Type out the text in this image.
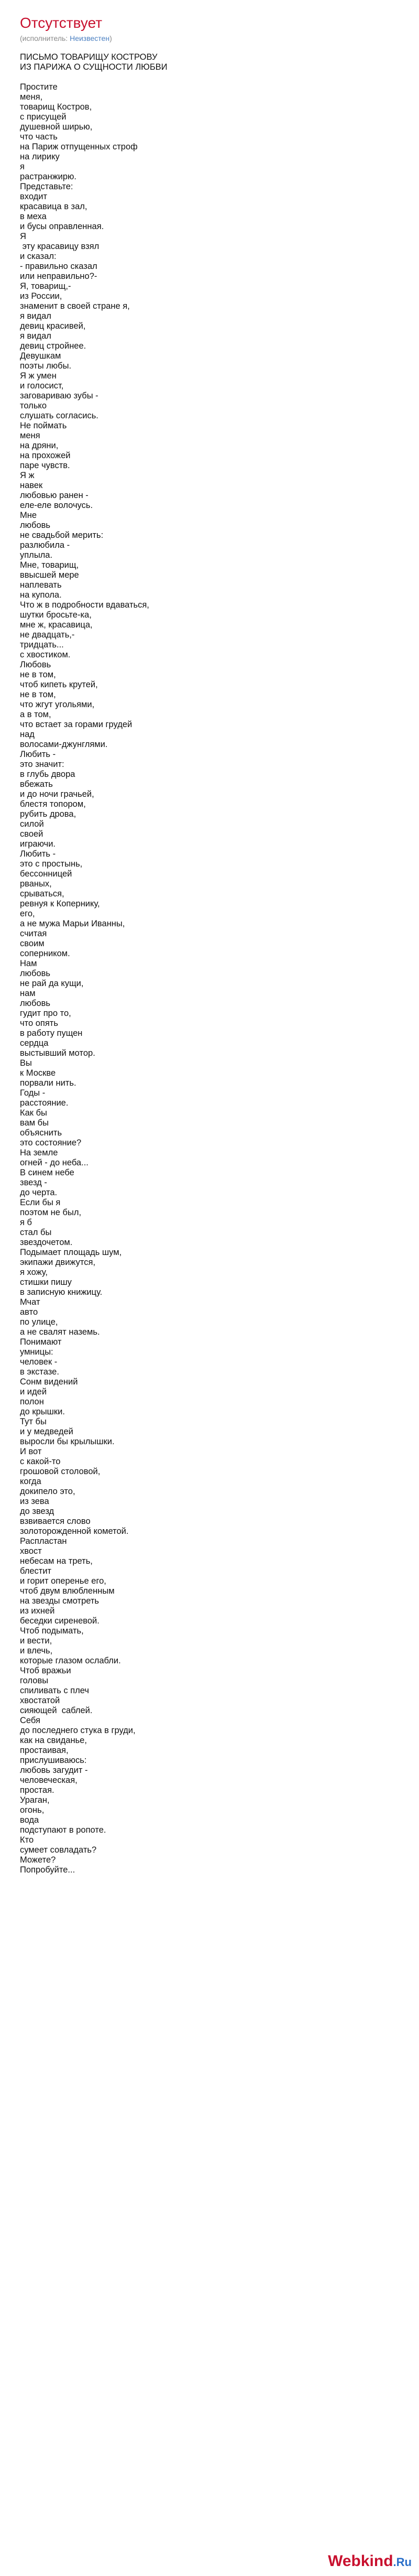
Отсутствует
(исполнитель: Неизвестен)
ПИСЬМО ТОВАРИЩУ КОСТРОВУ
ИЗ ПАРИЖА О СУЩНОСТИ ЛЮБВИ
Простите
меня,
товарищ Костров,
с присущей
душевной ширью,
что часть
на Париж отпущенных строф
на лирику
я
растранжирю.
Представьте:
входит
красавица в зал,
в меха
и бусы оправленная.
Я
эту красавицу взял
и сказал:
- правильно сказал
или неправильно?-
Я, товарищ,-
из России,
знаменит в своей стране я,
я видал
девиц красивей,
я видал
девиц стройнее.
Девушкам
поэты любы.
Я ж умен
и голосист,
заговариваю зубы -
только
слушать согласись.
Не поймать
меня
на дряни,
на прохожей
паре чувств.
Я ж
навек
любовью ранен -
еле-еле волочусь.
Мне
любовь
не свадьбой мерить:
разлюбила -
уплыла.
Мне, товарищ,
ввысшей мере
наплевать
на купола.
Что ж в подробности вдаваться,
шутки бросьте-ка,
мне ж, красавица,
не двадцать,-
тридцать...
с хвостиком.
Любовь
не в том,
чтоб кипеть крутей,
не в том,
что жгут угольями,
а в том,
что встает за горами грудей
над
волосами-джунглями.
Любить -
это значит:
в глубь двора
вбежать
и до ночи грачьей,
блестя топором,
рубить дрова,
силой
своей
играючи.
Любить -
это с простынь,
бессонницей
рваных,
срываться,
ревнуя к Копернику,
его,
а не мужа Марьи Иванны,
считая
своим
соперником.
Нам
любовь
не рай да кущи,
нам
любовь
гудит про то,
что опять
в работу пущен
сердца
выстывший мотор.
Вы
к Москве
порвали нить.
Годы -
расстояние.
Как бы
вам бы
объяснить
это состояние?
На земле
огней - до неба...
В синем небе
звезд -
до черта.
Если бы я
поэтом не был,
я б
стал бы
звездочетом.
Подымает площадь шум,
экипажи движутся,
я хожу,
стишки пишу
в записную книжицу.
Мчат
авто
по улице,
а не свалят наземь.
Понимают
умницы:
человек -
в экстазе.
Сонм видений
и идей
полон
до крышки.
Тут бы
и у медведей
выросли бы крылышки.
И вот
с какой-то
грошовой столовой,
когда
докипело это,
из зева
до звезд
взвивается слово
золоторожденной кометой.
Распластан
хвост
небесам на треть,
блестит
и горит оперенье его,
чтоб двум влюбленным
на звезды смотреть
из ихней
беседки сиреневой.
Чтоб подымать,
и вести,
и влечь,
которые глазом ослабли.
Чтоб вражьи
головы
спиливать с плеч
хвостатой
сияющей  саблей.
Себя
до последнего стука в груди,
как на свиданье,
простаивая,
прислушиваюсь:
любовь загудит -
человеческая,
простая.
Ураган,
огонь,
вода
подступают в ропоте.
Кто
сумеет совладать?
Можете?
Попробуйте...
Webkind.Ru
